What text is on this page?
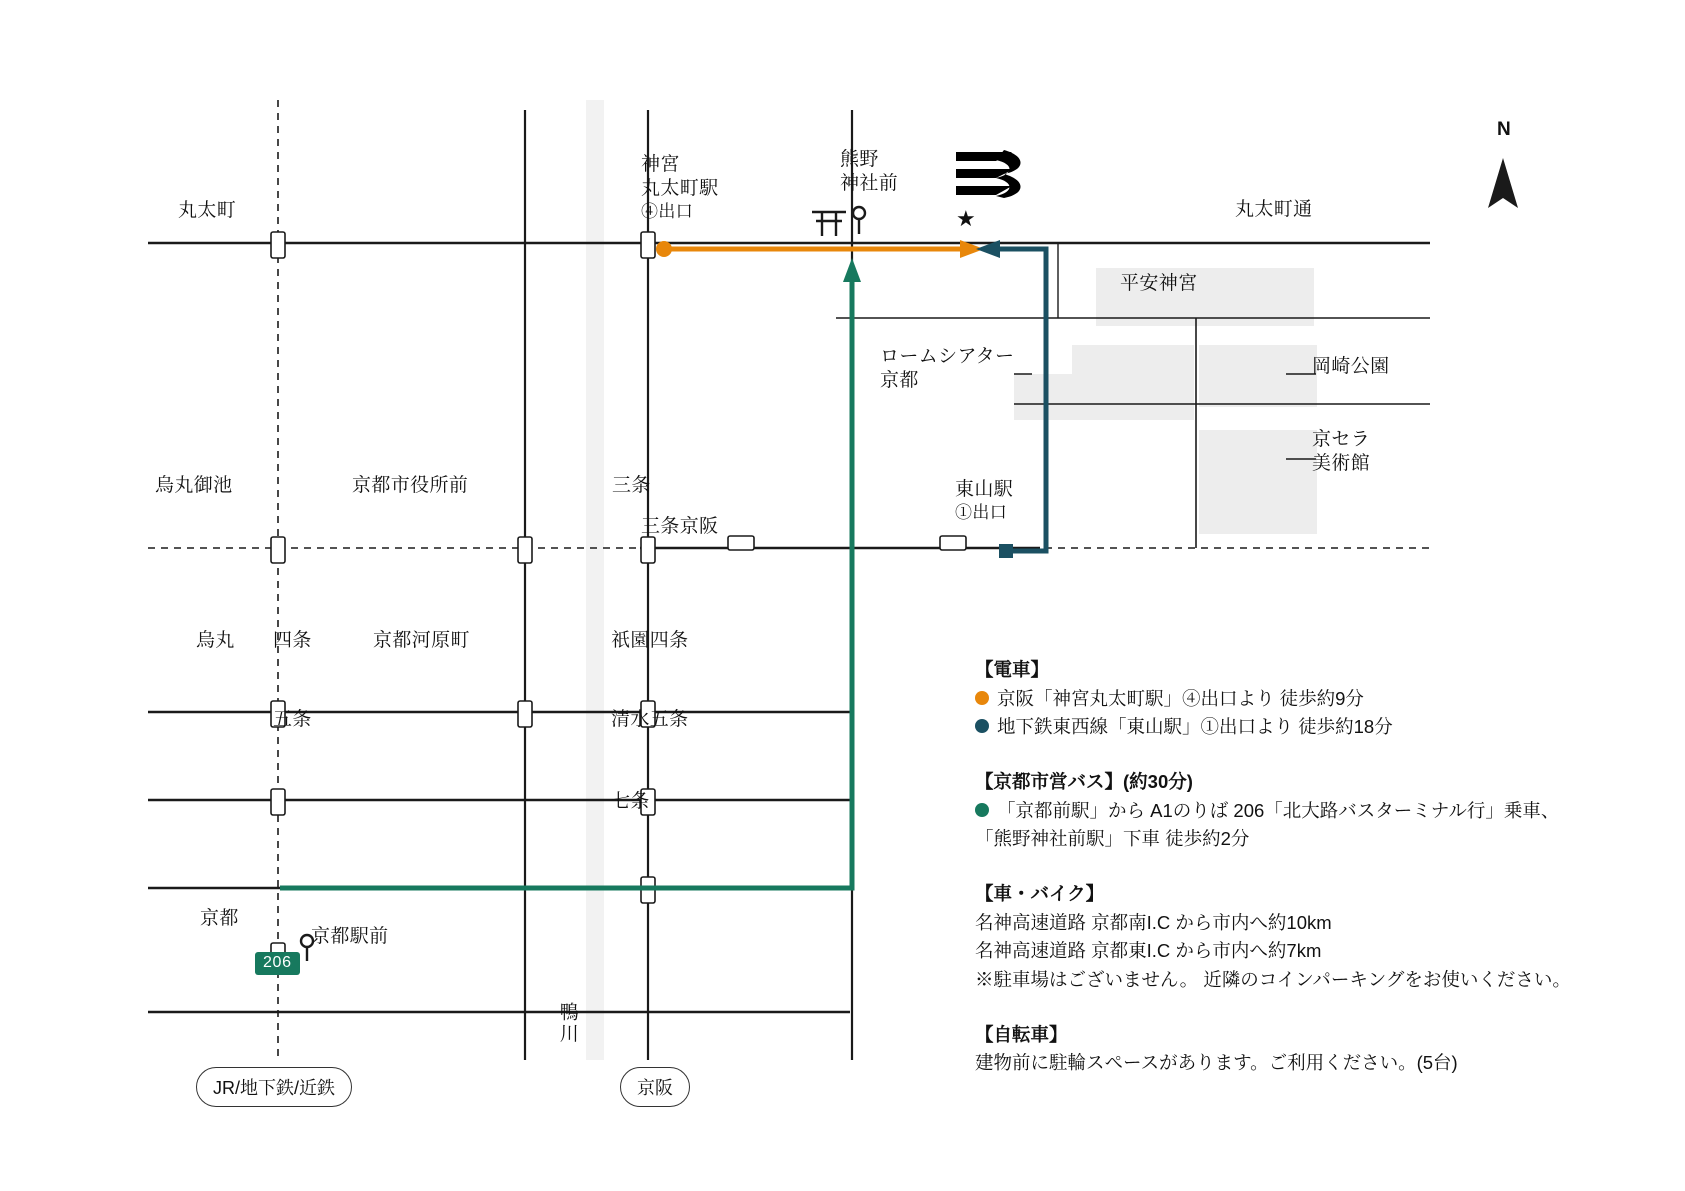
丸太町	丸太町通
烏丸御池	京都市役所前	三条
三条京阪
烏丸 四条	京都河原町	祇園四条
五条	清水五条
七条
京都
神宮
丸太町駅
④出口
熊野
神社前
東山駅
①出口
京都駅前
平安神宮
ロームシアター
京都
岡崎公園
京セラ
美術館
鴨川
★
N
206
JR/地下鉄/近鉄	京阪
【電車】
京阪「神宮丸太町駅」④出口より 徒歩約9分
地下鉄東西線「東山駅」①出口より 徒歩約18分
【京都市営バス】(約30分)
「京都前駅」から A1のりば 206「北大路バスターミナル行」乗車、
「熊野神社前駅」下車 徒歩約2分
【車・バイク】
名神高速道路 京都南I.C から市内へ約10km
名神高速道路 京都東I.C から市内へ約7km
※駐車場はございません。 近隣のコインパーキングをお使いください。
【自転車】
建物前に駐輪スペースがあります。ご利用ください。(5台)
